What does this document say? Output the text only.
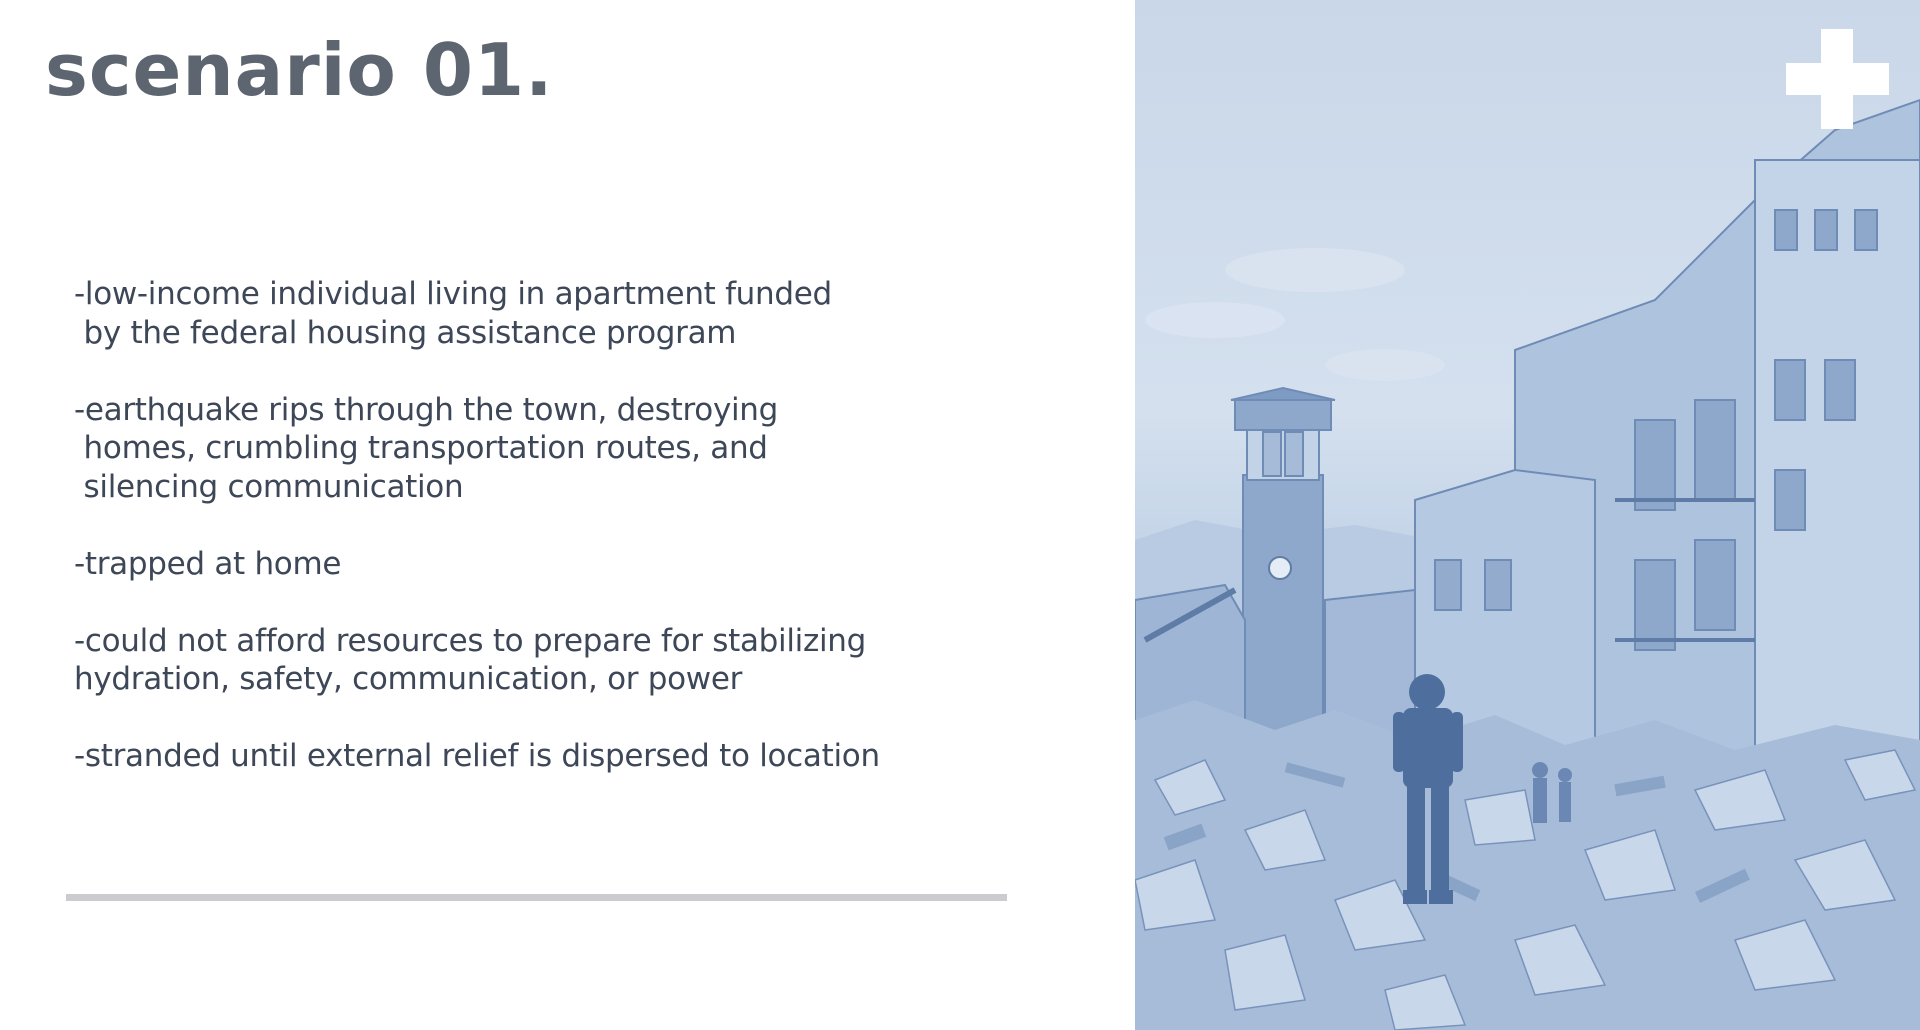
scenario 01.
-low-income individual living in apartment funded
by the federal housing assistance program
-earthquake rips through the town, destroying
homes, crumbling transportation routes, and
silencing communication
-trapped at home
-could not afford resources to prepare for stabilizing
hydration, safety, communication, or power
-stranded until external relief is dispersed to location
